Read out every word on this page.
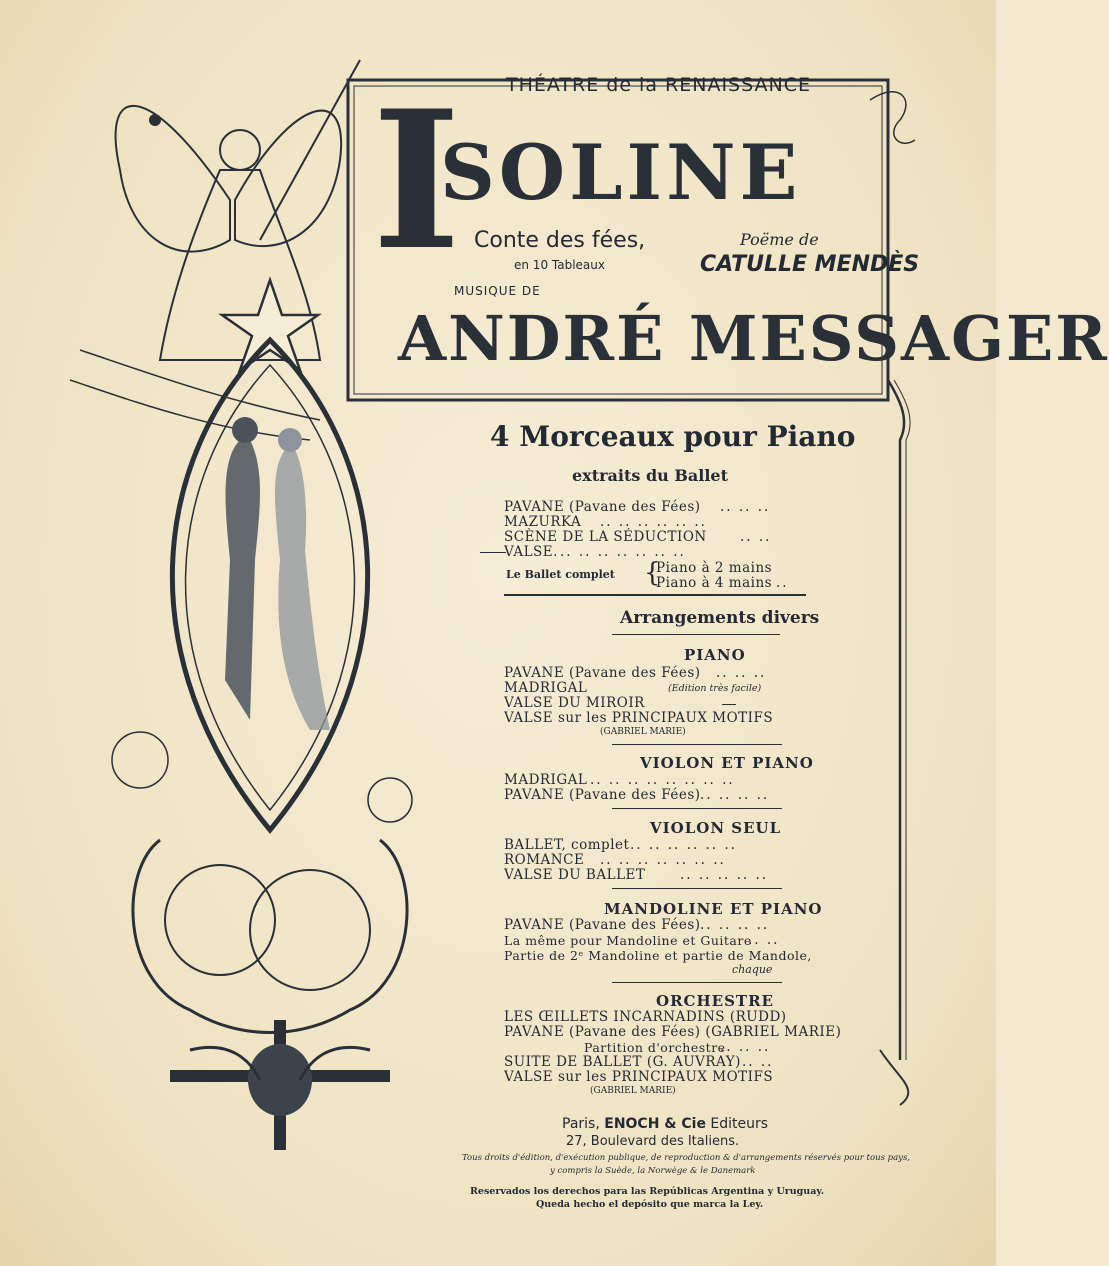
THÉATRE de la RENAISSANCE
I
SOLINE
Conte des fées,
en 10 Tableaux
Poëme de
CATULLE MENDÈS
MUSIQUE DE
ANDRÉ MESSAGER
4 Morceaux pour Piano
extraits du Ballet
PAVANE (Pavane des Fées) .. .. ..
MAZURKA .. .. .. .. .. ..
SCÈNE DE LA SÉDUCTION .. ..
VALSE. .. .. .. .. .. .. ..
Le Ballet complet {
Piano à 2 mains
Piano à 4 mains ..
Arrangements divers
PIANO
PAVANE (Pavane des Fées) .. .. ..
MADRIGAL	(Edition très facile)
VALSE DU MIROIR
VALSE sur les PRINCIPAUX MOTIFS
(GABRIEL MARIE)
VIOLON ET PIANO
MADRIGAL .. .. .. .. .. .. .. ..
PAVANE (Pavane des Fées) .. .. .. ..
VIOLON SEUL
BALLET, complet .. .. .. .. .. ..
ROMANCE .. .. .. .. .. .. ..
VALSE DU BALLET	.. .. .. .. ..
MANDOLINE ET PIANO
PAVANE (Pavane des Fées) .. .. .. ..
La même pour Mandoline et Guitare
.. ..
Partie de 2ᵉ Mandoline et partie de Mandole,
chaque
ORCHESTRE
LES ŒILLETS INCARNADINS (RUDD)
PAVANE (Pavane des Fées) (GABRIEL MARIE)
Partition d'orchestre
.. .. ..
SUITE DE BALLET (G. AUVRAY) .. ..
VALSE sur les PRINCIPAUX MOTIFS
(GABRIEL MARIE)
Paris, ENOCH & Cie Editeurs
27, Boulevard des Italiens.
Tous droits d'édition, d'exécution publique, de reproduction & d'arrangements réservés pour tous pays,
y compris la Suède, la Norwège & le Danemark
Reservados los derechos para las Repúblicas Argentina y Uruguay.
Queda hecho el depósito que marca la Ley.
